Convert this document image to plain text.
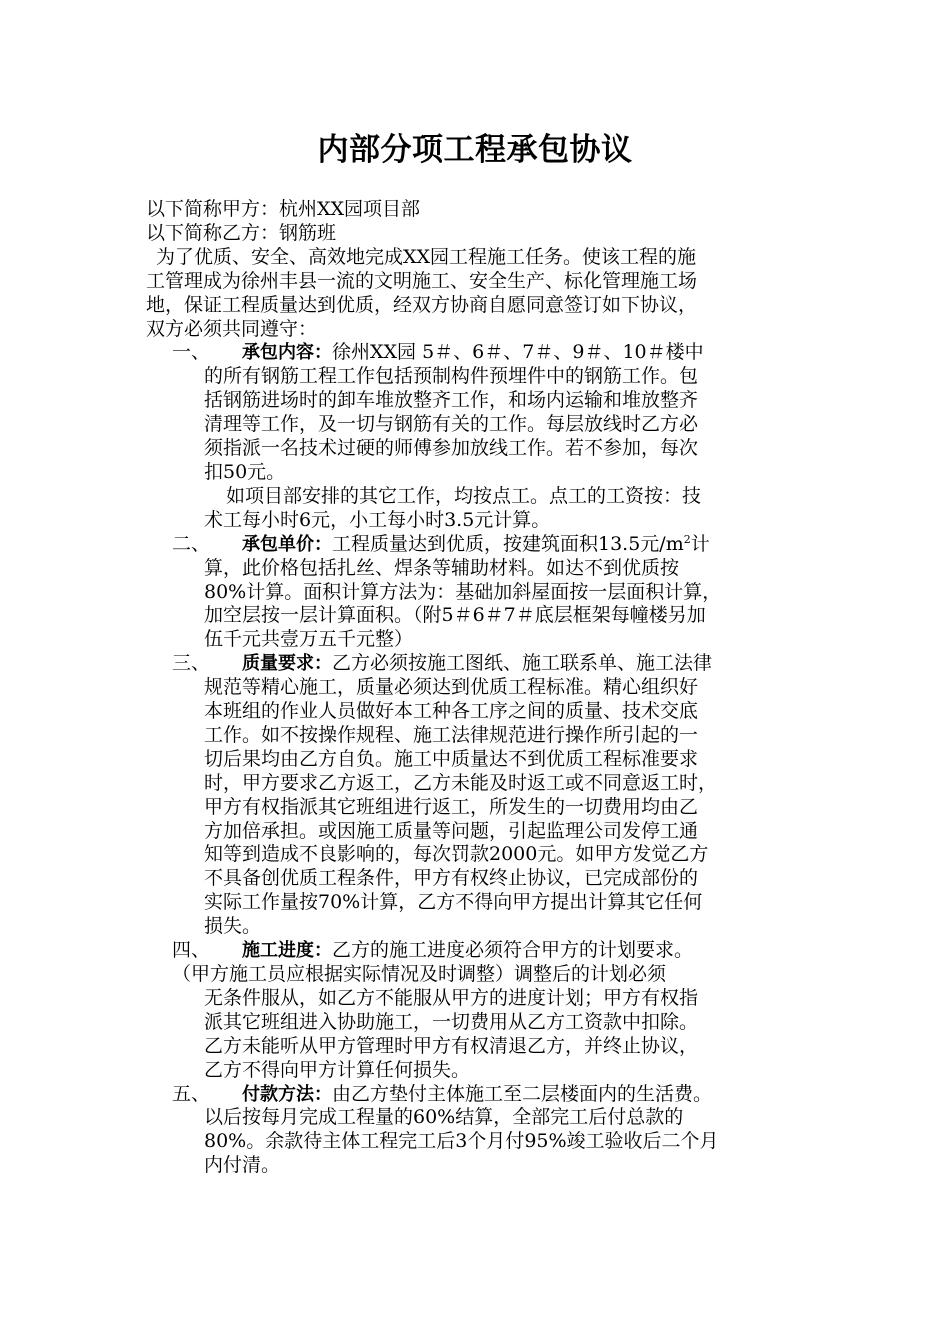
内部分项工程承包协议
以下简称甲方：杭州XX园项目部
以下简称乙方：钢筋班
为了优质、安全、高效地完成XX园工程施工任务。使该工程的施
工管理成为徐州丰县一流的文明施工、安全生产、标化管理施工场
地，保证工程质量达到优质，经双方协商自愿同意签订如下协议，
双方必须共同遵守：
一、	承包内容：徐州XX园 5＃、6＃、7＃、9＃、10＃楼中
的所有钢筋工程工作包括预制构件预埋件中的钢筋工作。包
括钢筋进场时的卸车堆放整齐工作，和场内运输和堆放整齐
清理等工作，及一切与钢筋有关的工作。每层放线时乙方必
须指派一名技术过硬的师傅参加放线工作。若不参加，每次
扣50元。
如项目部安排的其它工作，均按点工。点工的工资按：技
术工每小时6元，小工每小时3.5元计算。
二、	承包单价：工程质量达到优质，按建筑面积13.5元$/m^2$计
算，此价格包括扎丝、焊条等辅助材料。如达不到优质按
80%计算。面积计算方法为：基础加斜屋面按一层面积计算，
加空层按一层计算面积。（附5＃6＃7＃底层框架每幢楼另加
伍千元共壹万五千元整）
三、	质量要求：乙方必须按施工图纸、施工联系单、施工法律
规范等精心施工，质量必须达到优质工程标准。精心组织好
本班组的作业人员做好本工种各工序之间的质量、技术交底
工作。如不按操作规程、施工法律规范进行操作所引起的一
切后果均由乙方自负。施工中质量达不到优质工程标准要求
时，甲方要求乙方返工，乙方未能及时返工或不同意返工时，
甲方有权指派其它班组进行返工，所发生的一切费用均由乙
方加倍承担。或因施工质量等问题，引起监理公司发停工通
知等到造成不良影响的，每次罚款2000元。如甲方发觉乙方
不具备创优质工程条件，甲方有权终止协议，已完成部份的
实际工作量按70%计算，乙方不得向甲方提出计算其它任何
损失。
四、	施工进度：乙方的施工进度必须符合甲方的计划要求。
（甲方施工员应根据实际情况及时调整）调整后的计划必须
无条件服从，如乙方不能服从甲方的进度计划；甲方有权指
派其它班组进入协助施工，一切费用从乙方工资款中扣除。
乙方未能听从甲方管理时甲方有权清退乙方，并终止协议，
乙方不得向甲方计算任何损失。
五、	付款方法：由乙方垫付主体施工至二层楼面内的生活费。
以后按每月完成工程量的60%结算，全部完工后付总款的
80%。余款待主体工程完工后3个月付95%竣工验收后二个月
内付清。
